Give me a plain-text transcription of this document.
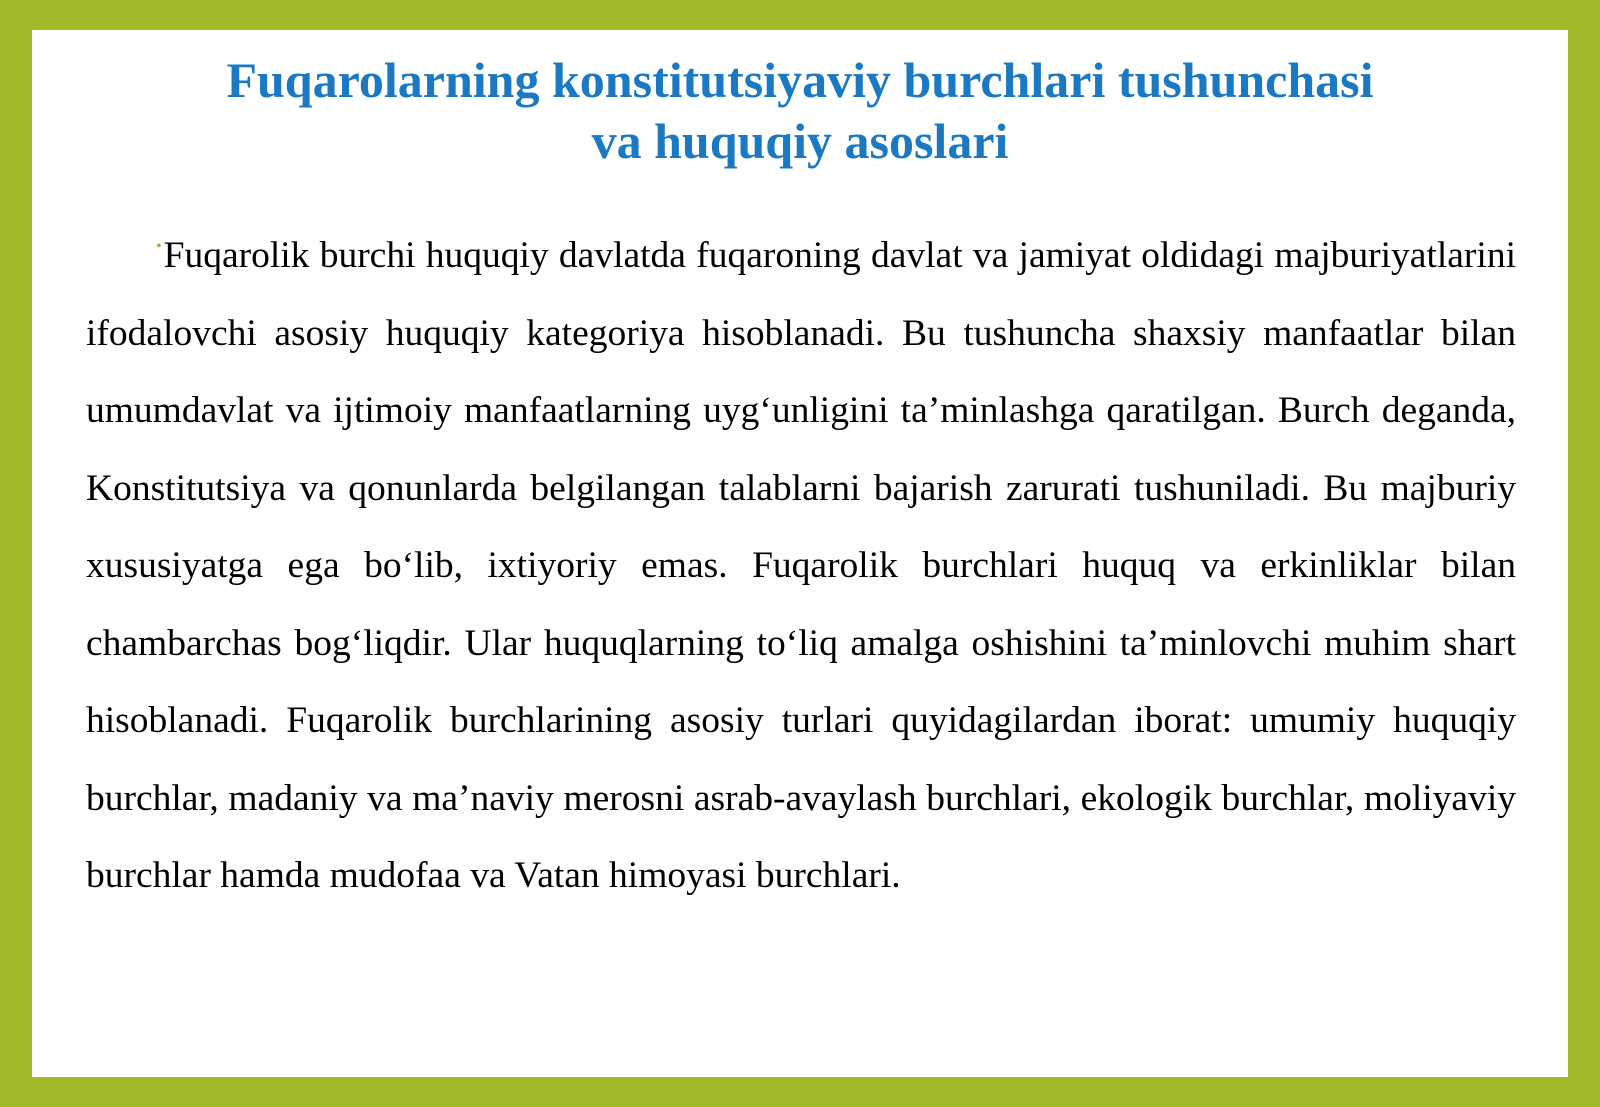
Fuqarolarning konstitutsiyaviy burchlari tushunchasi
va huquqiy asoslari

•Fuqarolik burchi huquqiy davlatda fuqaroning davlat va jamiyat oldidagi majburiyatlarini ifodalovchi asosiy huquqiy kategoriya hisoblanadi. Bu tushuncha shaxsiy manfaatlar bilan umumdavlat va ijtimoiy manfaatlarning uyg‘unligini ta’minlashga qaratilgan. Burch deganda, Konstitutsiya va qonunlarda belgilangan talablarni bajarish zarurati tushuniladi. Bu majburiy xususiyatga ega bo‘lib, ixtiyoriy emas. Fuqarolik burchlari huquq va erkinliklar bilan chambarchas bog‘liqdir. Ular huquqlarning to‘liq amalga oshishini ta’minlovchi muhim shart hisoblanadi. Fuqarolik burchlarining asosiy turlari quyidagilardan iborat: umumiy huquqiy burchlar, madaniy va ma’naviy merosni asrab-avaylash burchlari, ekologik burchlar, moliyaviy burchlar hamda mudofaa va Vatan himoyasi burchlari.
